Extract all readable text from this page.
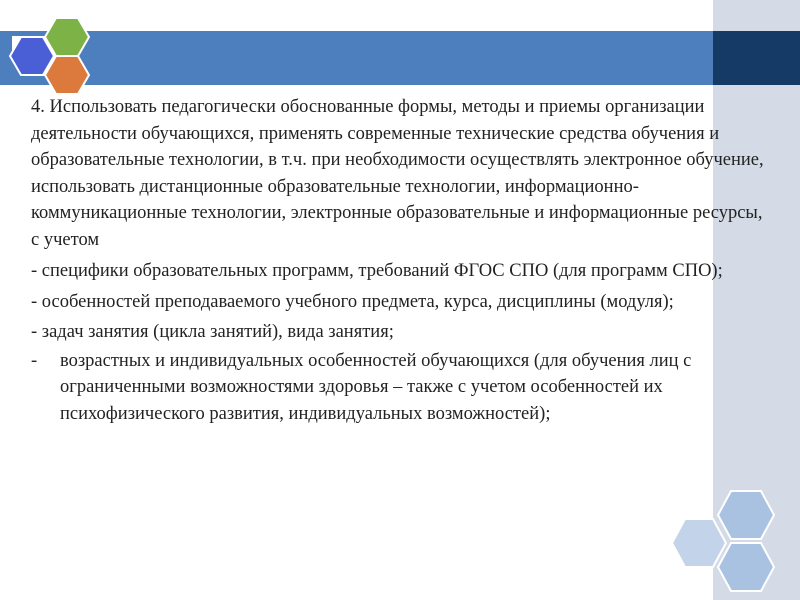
4. Использовать педагогически обоснованные формы, методы и приемы организации деятельности обучающихся, применять современные технические средства обучения и образовательные технологии, в т.ч. при необходимости осуществлять электронное обучение, использовать дистанционные образовательные технологии, информационно-коммуникационные технологии, электронные образовательные и информационные ресурсы, с учетом

- специфики образовательных программ, требований ФГОС СПО (для программ СПО);

- особенностей преподаваемого учебного предмета, курса, дисциплины (модуля);

- задач занятия (цикла занятий), вида занятия;

-	возрастных и индивидуальных особенностей обучающихся (для обучения лиц с ограниченными возможностями здоровья – также с учетом особенностей их психофизического развития, индивидуальных возможностей);
